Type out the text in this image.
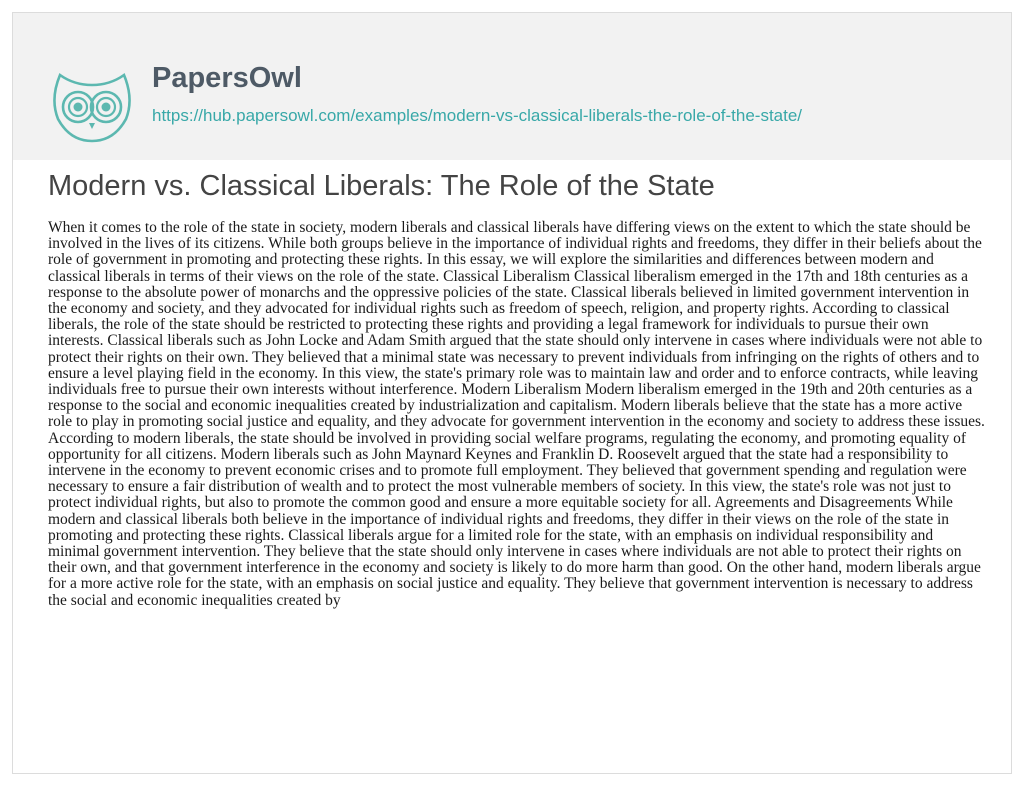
PapersOwl
https://hub.papersowl.com/examples/modern-vs-classical-liberals-the-role-of-the-state/
Modern vs. Classical Liberals: The Role of the State

When it comes to the role of the state in society, modern liberals and classical liberals have differing views on the extent to which the state should be involved in the lives of its citizens. While both groups believe in the importance of individual rights and freedoms, they differ in their beliefs about the role of government in promoting and protecting these rights. In this essay, we will explore the similarities and differences between modern and classical liberals in terms of their views on the role of the state. Classical Liberalism Classical liberalism emerged in the 17th and 18th centuries as a response to the absolute power of monarchs and the oppressive policies of the state. Classical liberals believed in limited government intervention in the economy and society, and they advocated for individual rights such as freedom of speech, religion, and property rights. According to classical liberals, the role of the state should be restricted to protecting these rights and providing a legal framework for individuals to pursue their own interests. Classical liberals such as John Locke and Adam Smith argued that the state should only intervene in cases where individuals were not able to protect their rights on their own. They believed that a minimal state was necessary to prevent individuals from infringing on the rights of others and to ensure a level playing field in the economy. In this view, the state's primary role was to maintain law and order and to enforce contracts, while leaving individuals free to pursue their own interests without interference. Modern Liberalism Modern liberalism emerged in the 19th and 20th centuries as a response to the social and economic inequalities created by industrialization and capitalism. Modern liberals believe that the state has a more active role to play in promoting social justice and equality, and they advocate for government intervention in the economy and society to address these issues. According to modern liberals, the state should be involved in providing social welfare programs, regulating the economy, and promoting equality of opportunity for all citizens. Modern liberals such as John Maynard Keynes and Franklin D. Roosevelt argued that the state had a responsibility to intervene in the economy to prevent economic crises and to promote full employment. They believed that government spending and regulation were necessary to ensure a fair distribution of wealth and to protect the most vulnerable members of society. In this view, the state's role was not just to protect individual rights, but also to promote the common good and ensure a more equitable society for all. Agreements and Disagreements While modern and classical liberals both believe in the importance of individual rights and freedoms, they differ in their views on the role of the state in promoting and protecting these rights. Classical liberals argue for a limited role for the state, with an emphasis on individual responsibility and minimal government intervention. They believe that the state should only intervene in cases where individuals are not able to protect their rights on their own, and that government interference in the economy and society is likely to do more harm than good. On the other hand, modern liberals argue for a more active role for the state, with an emphasis on social justice and equality. They believe that government intervention is necessary to address the social and economic inequalities created by
